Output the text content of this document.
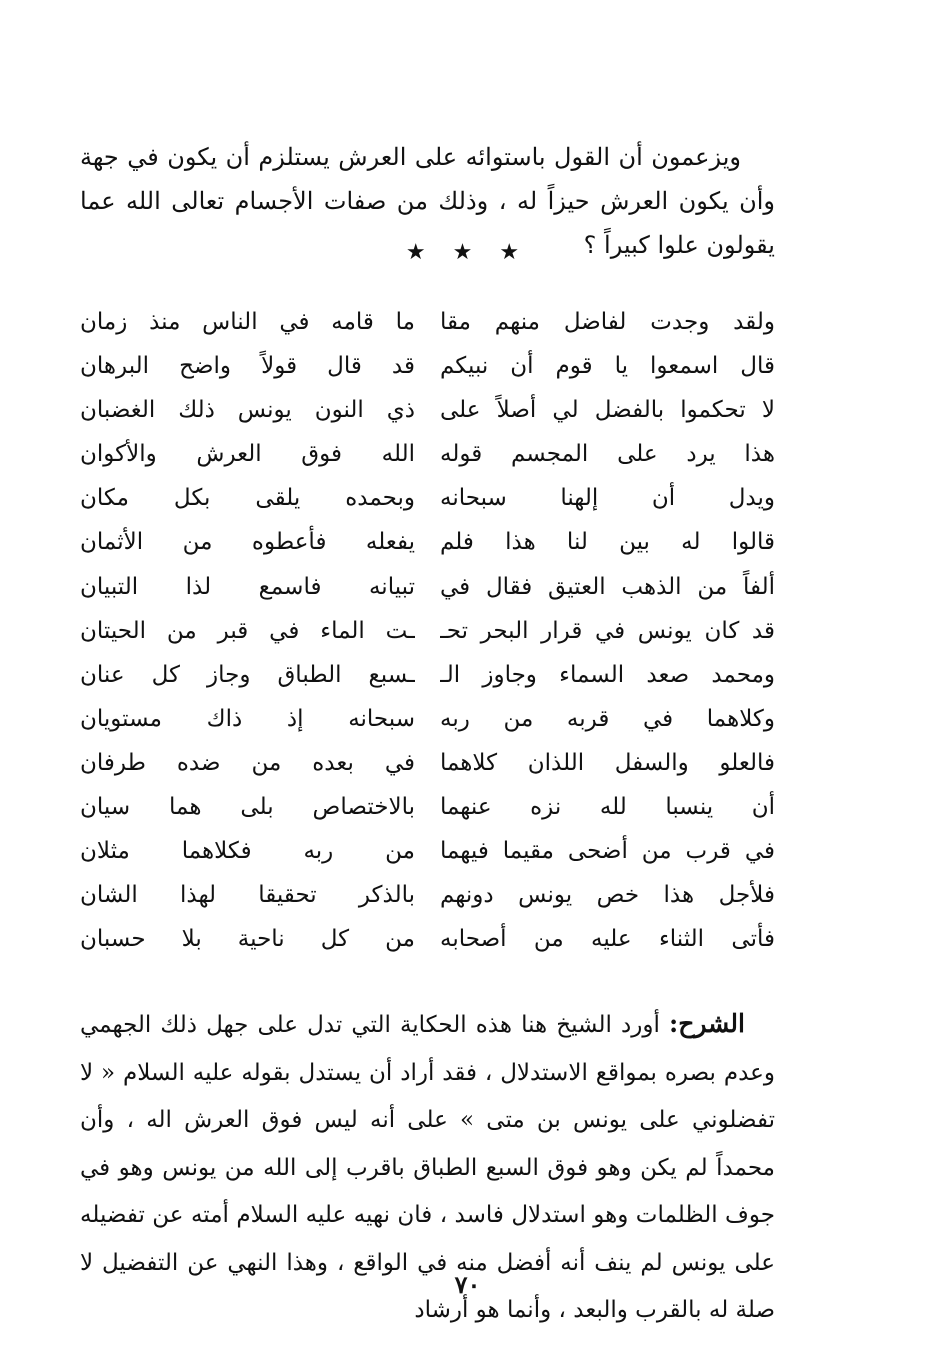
ويزعمون أن القول باستوائه على العرش يستلزم أن يكون في جهة وأن يكون العرش حيزاً له ، وذلك من صفات الأجسام تعالى الله عما يقولون علوا كبيراً ؟

★ ★ ★
ولقد وجدت لفاضل منهم مقا
ما قامه في الناس منذ زمان
قال اسمعوا يا قوم أن نبيكم
قد قال قولاً واضح البرهان
لا تحكموا بالفضل لي أصلاً على
ذي النون يونس ذلك الغضبان
هذا يرد على المجسم قوله
الله فوق العرش والأكوان
ويدل أن إلهنا سبحانه
وبحمده يلقى بكل مكان
قالوا له بين لنا هذا فلم
يفعله فأعطوه من الأثمان
ألفاً من الذهب العتيق فقال في
تبيانه فاسمع لذا التبيان
قد كان يونس في قرار البحر تحـ
ـت الماء في قبر من الحيتان
ومحمد صعد السماء وجاوز الـ
ـسبع الطباق وجاز كل عنان
وكلاهما في قربه من ربه
سبحانه إذ ذاك مستويان
فالعلو والسفل اللذان كلاهما
في بعده من ضده طرفان
أن ينسبا لله نزه عنهما
بالاختصاص بلى هما سيان
في قرب من أضحى مقيما فيهما
من ربه فكلاهما مثلان
فلأجل هذا خص يونس دونهم
بالذكر تحقيقا لهذا الشان
فأتى الثناء عليه من أصحابه
من كل ناحية بلا حسبان

الشرح: أورد الشيخ هنا هذه الحكاية التي تدل على جهل ذلك الجهمي وعدم بصره بمواقع الاستدلال ، فقد أراد أن يستدل بقوله عليه السلام « لا تفضلوني على يونس بن متى » على أنه ليس فوق العرش اله ، وأن محمداً لم يكن وهو فوق السبع الطباق باقرب إلى الله من يونس وهو في جوف الظلمات وهو استدلال فاسد ، فان نهيه عليه السلام أمته عن تفضيله على يونس لم ينف أنه أفضل منه في الواقع ، وهذا النهي عن التفضيل لا صلة له بالقرب والبعد ، وأنما هو أرشاد

٧٠
